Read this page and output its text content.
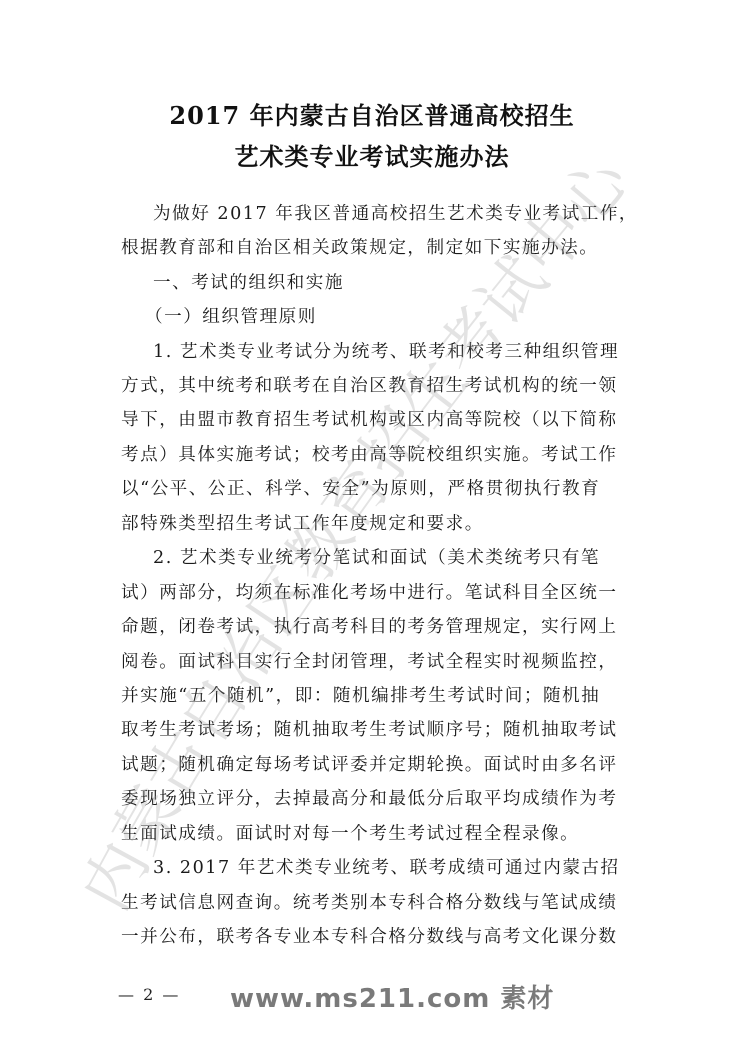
2017 年内蒙古自治区普通高校招生
艺术类专业考试实施办法
为做好 2017 年我区普通高校招生艺术类专业考试工作，
根据教育部和自治区相关政策规定，制定如下实施办法。
一、考试的组织和实施
（一）组织管理原则
1. 艺术类专业考试分为统考、联考和校考三种组织管理
方式，其中统考和联考在自治区教育招生考试机构的统一领
导下，由盟市教育招生考试机构或区内高等院校（以下简称
考点）具体实施考试；校考由高等院校组织实施。考试工作
以“公平、公正、科学、安全”为原则，严格贯彻执行教育
部特殊类型招生考试工作年度规定和要求。
2. 艺术类专业统考分笔试和面试（美术类统考只有笔
试）两部分，均须在标准化考场中进行。笔试科目全区统一
命题，闭卷考试，执行高考科目的考务管理规定，实行网上
阅卷。面试科目实行全封闭管理，考试全程实时视频监控，
并实施“五个随机”，即：随机编排考生考试时间；随机抽
取考生考试考场；随机抽取考生考试顺序号；随机抽取考试
试题；随机确定每场考试评委并定期轮换。面试时由多名评
委现场独立评分，去掉最高分和最低分后取平均成绩作为考
生面试成绩。面试时对每一个考生考试过程全程录像。
3. 2017 年艺术类专业统考、联考成绩可通过内蒙古招
生考试信息网查询。统考类别本专科合格分数线与笔试成绩
一并公布，联考各专业本专科合格分数线与高考文化课分数
— 2 — www.ms211.com 素材
内蒙古自治区教育招生考试中心
